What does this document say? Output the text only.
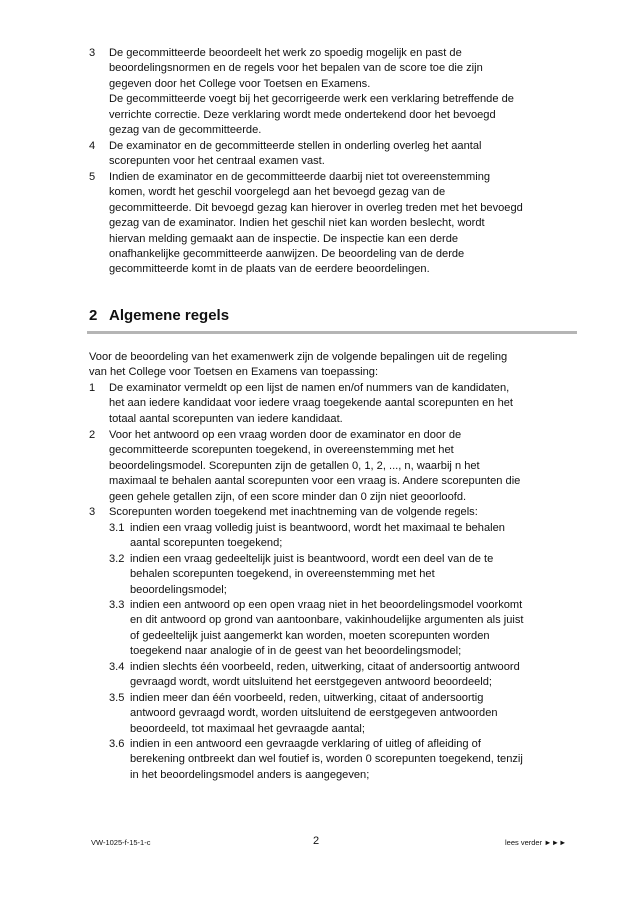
3 De gecommitteerde beoordeelt het werk zo spoedig mogelijk en past de
beoordelingsnormen en de regels voor het bepalen van de score toe die zijn
gegeven door het College voor Toetsen en Examens.
De gecommitteerde voegt bij het gecorrigeerde werk een verklaring betreffende de
verrichte correctie. Deze verklaring wordt mede ondertekend door het bevoegd
gezag van de gecommitteerde.
4 De examinator en de gecommitteerde stellen in onderling overleg het aantal
scorepunten voor het centraal examen vast.
5 Indien de examinator en de gecommitteerde daarbij niet tot overeenstemming
komen, wordt het geschil voorgelegd aan het bevoegd gezag van de
gecommitteerde. Dit bevoegd gezag kan hierover in overleg treden met het bevoegd
gezag van de examinator. Indien het geschil niet kan worden beslecht, wordt
hiervan melding gemaakt aan de inspectie. De inspectie kan een derde
onafhankelijke gecommitteerde aanwijzen. De beoordeling van de derde
gecommitteerde komt in de plaats van de eerdere beoordelingen.
2 Algemene regels
Voor de beoordeling van het examenwerk zijn de volgende bepalingen uit de regeling
van het College voor Toetsen en Examens van toepassing:
1 De examinator vermeldt op een lijst de namen en/of nummers van de kandidaten,
het aan iedere kandidaat voor iedere vraag toegekende aantal scorepunten en het
totaal aantal scorepunten van iedere kandidaat.
2 Voor het antwoord op een vraag worden door de examinator en door de
gecommitteerde scorepunten toegekend, in overeenstemming met het
beoordelingsmodel. Scorepunten zijn de getallen 0, 1, 2, ..., n, waarbij n het
maximaal te behalen aantal scorepunten voor een vraag is. Andere scorepunten die
geen gehele getallen zijn, of een score minder dan 0 zijn niet geoorloofd.
3 Scorepunten worden toegekend met inachtneming van de volgende regels:
3.1 indien een vraag volledig juist is beantwoord, wordt het maximaal te behalen
aantal scorepunten toegekend;
3.2 indien een vraag gedeeltelijk juist is beantwoord, wordt een deel van de te
behalen scorepunten toegekend, in overeenstemming met het
beoordelingsmodel;
3.3 indien een antwoord op een open vraag niet in het beoordelingsmodel voorkomt
en dit antwoord op grond van aantoonbare, vakinhoudelijke argumenten als juist
of gedeeltelijk juist aangemerkt kan worden, moeten scorepunten worden
toegekend naar analogie of in de geest van het beoordelingsmodel;
3.4 indien slechts één voorbeeld, reden, uitwerking, citaat of andersoortig antwoord
gevraagd wordt, wordt uitsluitend het eerstgegeven antwoord beoordeeld;
3.5 indien meer dan één voorbeeld, reden, uitwerking, citaat of andersoortig
antwoord gevraagd wordt, worden uitsluitend de eerstgegeven antwoorden
beoordeeld, tot maximaal het gevraagde aantal;
3.6 indien in een antwoord een gevraagde verklaring of uitleg of afleiding of
berekening ontbreekt dan wel foutief is, worden 0 scorepunten toegekend, tenzij
in het beoordelingsmodel anders is aangegeven;
VW-1025-f-15-1-c	2	lees verder ►►►
